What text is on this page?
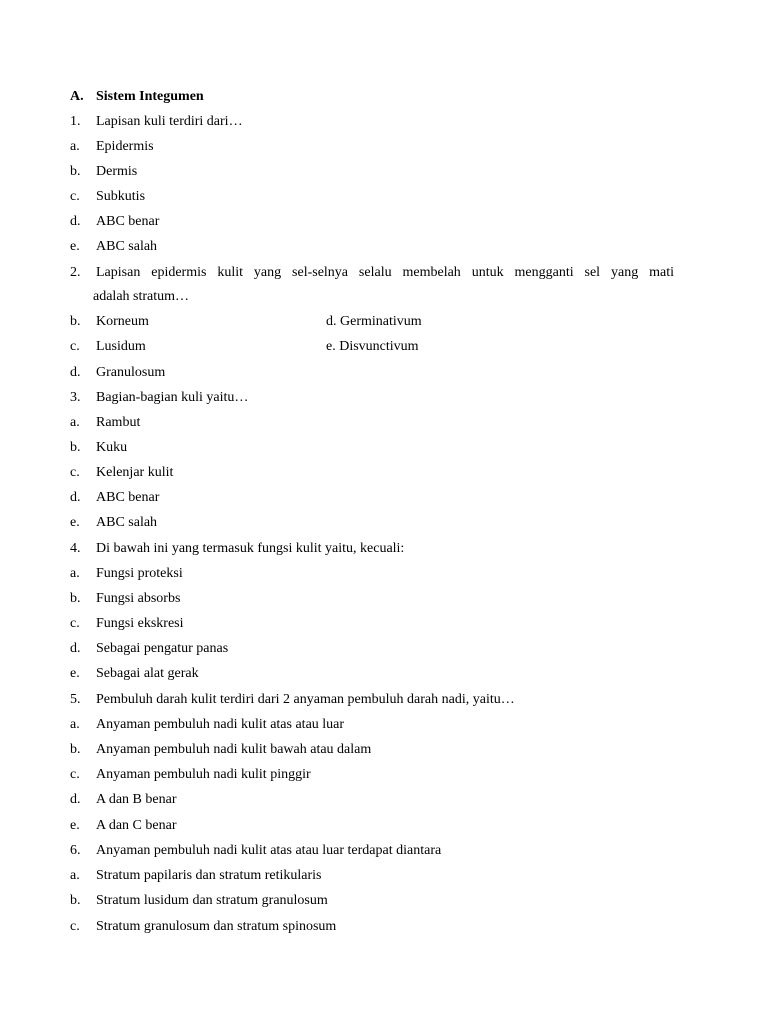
A. Sistem Integumen
1. Lapisan kuli terdiri dari…
a. Epidermis
b. Dermis
c. Subkutis
d. ABC benar
e. ABC salah
2. Lapisan epidermis kulit yang sel-selnya selalu membelah untuk mengganti sel yang mati
adalah stratum…
b. Korneum	d. Germinativum
c. Lusidum	e. Disvunctivum
d. Granulosum
3. Bagian-bagian kuli yaitu…
a. Rambut
b. Kuku
c. Kelenjar kulit
d. ABC benar
e. ABC salah
4. Di bawah ini yang termasuk fungsi kulit yaitu, kecuali:
a. Fungsi proteksi
b. Fungsi absorbs
c. Fungsi ekskresi
d. Sebagai pengatur panas
e. Sebagai alat gerak
5. Pembuluh darah kulit terdiri dari 2 anyaman pembuluh darah nadi, yaitu…
a. Anyaman pembuluh nadi kulit atas atau luar
b. Anyaman pembuluh nadi kulit bawah atau dalam
c. Anyaman pembuluh nadi kulit pinggir
d. A dan B benar
e. A dan C benar
6. Anyaman pembuluh nadi kulit atas atau luar terdapat diantara
a. Stratum papilaris dan stratum retikularis
b. Stratum lusidum dan stratum granulosum
c. Stratum granulosum dan stratum spinosum
